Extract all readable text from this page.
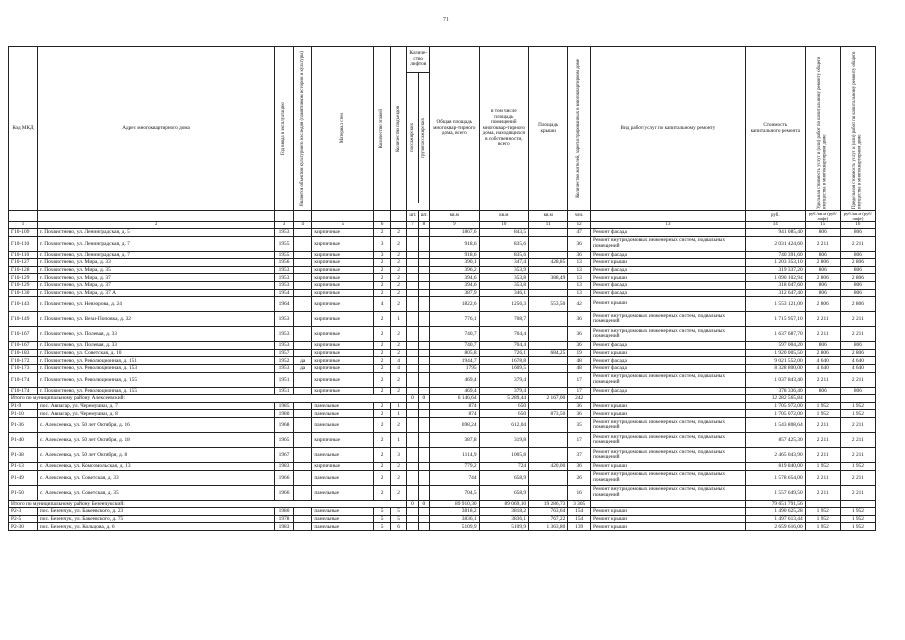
71
Код МКД	Адрес многоквартирного дома	Год ввода в эксплуатацию	Является объектом культурного наследия (памятником истории и культуры)	Материал стен	Количество этажей	Количество подъездов	Количе-ство лифтов
пассажирских грузопассажирских		Общая площадь многоквар-тирного дома, всего	в том числе площадь помещений многоквар-тирного дома, находящихся в собственности, всего	Площадь крыши	Количество жителей, зарегистрированных в многоквартирном доме	Вид работ/услуг по капитальному ремонту	Стоимость капитального ремонта	Удельная стоимость услуг и (или) работ по капитальному ремонту общего имущества в многоквартирном доме	Предельная стоимость услуг и (или) работ по капитальному ремонту общего имущества в многоквартирном доме

							шт.	шт.	кв.м	кв.м	кв.м	чел.		руб.	руб./кв.м (руб/лифт)	руб./кв.м (руб/лифт)
1	2	3	4	5	6		7	8	9	10	11	12	13	14	15	16
Г10-109	г. Похвистнево, ул. Ленинградская, д. 5	1953		кирпичные	2	2			1867,6	843,5		47	Ремонт фасада	941 085,40	806	806
Г10-110	г. Похвистнево, ул. Ленинградская, д. 7	1955		кирпичные	3	2			918,6	835,6		36	Ремонт внутридомовых инженерных систем, подвальных помещений	2 031 424,60	2 211	2 211
Г10-110	г. Похвистнево, ул. Ленинградская, д. 7	1955		кирпичные	3	2			918,6	835,6		36	Ремонт фасада	740 391,60	806	806
Г10-127	г. Похвистнево, ул. Мира, д. 33	1956		кирпичные	2	2			390,1	347,4	428,85	13	Ремонт крыши	1 203 353,10	2 806	2 806
Г10-128	г. Похвистнево, ул. Мира, д. 35	1953		кирпичные	2	2			396,2	353,9		13	Ремонт фасада	319 337,20	806	806
Г10-129	г. Похвистнево, ул. Мира, д. 37	1953		кирпичные	2	2			394,6	353,8	388,49	13	Ремонт крыши	1 090 102,94	2 806	2 806
Г10-129	г. Похвистнево, ул. Мира, д. 37	1953		кирпичные	2	2			394,6	353,8		13	Ремонт фасада	318 047,60	806	806
Г10-130	г. Похвистнево, ул. Мира, д. 37 А	1954		кирпичные	2	2			387,9	346,1		13	Ремонт фасада	312 647,40	806	806
Г10-143	г. Похвистнево, ул. Невзорова, д. 24	1964		кирпичные	4	2			1822,6	1256,3	553,50	42	Ремонт крыши	1 553 121,00	2 806	2 806
Г10-149	г. Похвистнево, ул. Вехи-Поповка, д. 32	1953		кирпичные	2	1			776,1	708,7		36	Ремонт внутридомовых инженерных систем, подвальных помещений	1 715 957,10	2 211	2 211
Г10-167	г. Похвистнево, ул. Полевая, д. 33	1953		кирпичные	2	2			740,7	704,4		36	Ремонт внутридомовых инженерных систем, подвальных помещений	1 637 687,70	2 211	2 211
Г10-167	г. Похвистнево, ул. Полевая, д. 33	1953		кирпичные	2	2			740,7	704,4		36	Ремонт фасада	597 004,20	806	806
Г10-183	г. Похвистнево, ул. Советская, д. 10	1957		кирпичные	2	2			805,8	726,1	684,25	19	Ремонт крыши	1 920 005,50	2 806	2 806
Г10-172	г. Похвистнево, ул. Революционная, д. 151	1952	да	кирпичные	2	4			1944,7	1678,8		48	Ремонт фасада	9 021 552,00	4 640	4 640
Г10-173	г. Похвистнево, ул. Революционная, д. 153	1953	да	кирпичные	2	4			1795	1609,5		48	Ремонт фасада	8 328 800,00	4 640	4 640
Г10-174	г. Похвистнево, ул. Революционная, д. 155	1951		кирпичные	2	2			469,4	379,4		17	Ремонт внутридомовых инженерных систем, подвальных помещений	1 037 843,40	2 211	2 211
Г10-174	г. Похвистнево, ул. Революционная, д. 155	1951		кирпичные	2	2			469,4	379,4		17	Ремонт фасада	378 336,40	806	806
Итого по муниципальному району Алексеевский:							0	0	6 146,64	5 289,44	2 167,00	242		12 282 565,84		
Р1-9	пос. Авиагар, ул. Черемушки, д. 7	1985		панельные	2	1			874	650		36	Ремонт крыши	1 705 972,00	1 952	1 952
Р1-10	пос. Авиагар, ул. Черемушки, д. 8	1980		панельные	2	1			874	650	873,50	36	Ремонт крыши	1 705 072,00	1 952	1 952
Р1-36	с. Алексеевка, ул. 50 лет Октября, д. 16	1968		панельные	2	2			698,24	612,04		35	Ремонт внутридомовых инженерных систем, подвальных помещений	1 543 808,64	2 211	2 211
Р1-40	с. Алексеевка, ул. 50 лет Октября, д. 18	1965		кирпичные	2	1			387,8	319,8		17	Ремонт внутридомовых инженерных систем, подвальных помещений	857 425,30	2 211	2 211
Р1-38	с. Алексеевка, ул. 50 лет Октября, д. 8	1967		панельные	2	3			1114,9	1005,8		37	Ремонт внутридомовых инженерных систем, подвальных помещений	2 465 043,90	2 211	2 211
Р1-13	с. Алексеевка, ул. Комсомольская, д. 13	1983		кирпичные	2	2			779,2	724	420,00	36	Ремонт крыши	819 840,00	1 952	1 952
Р1-49	с. Алексеевка, ул. Советская, д. 33	1966		панельные	2	2			744	658,9		26	Ремонт внутридомовых инженерных систем, подвальных помещений	1 578 654,00	2 211	2 211
Р1-50	с. Алексеевка, ул. Советская, д. 35	1966		панельные	2	2			704,5	658,9		16	Ремонт внутридомовых инженерных систем, подвальных помещений	1 557 649,50	2 211	2 211
Итого по муниципальному району Безенчукский:							0	0	89 910,30	89 069,10	19 286,73	3 305		79 651 791,56		
Р2-3	пос. Безенчук, ул. Бакеевского, д. 23	1980		панельные	5	5			3818,2	3818,2	763,64	154	Ремонт крыши	1 490 625,28	1 952	1 952
Р2-5	пос. Безенчук, ул. Бакеевского, д. 75	1978		панельные	5	5			3836,1	3836,1	767,22	154	Ремонт крыши	1 497 613,44	1 952	1 952
Р2-30	пос. Безенчук, ул. Кольцова, д. 6	1983		панельные	5	6			5109,9	5109,9	1 363,80	139	Ремонт крыши	2 659 616,00	1 952	1 952
